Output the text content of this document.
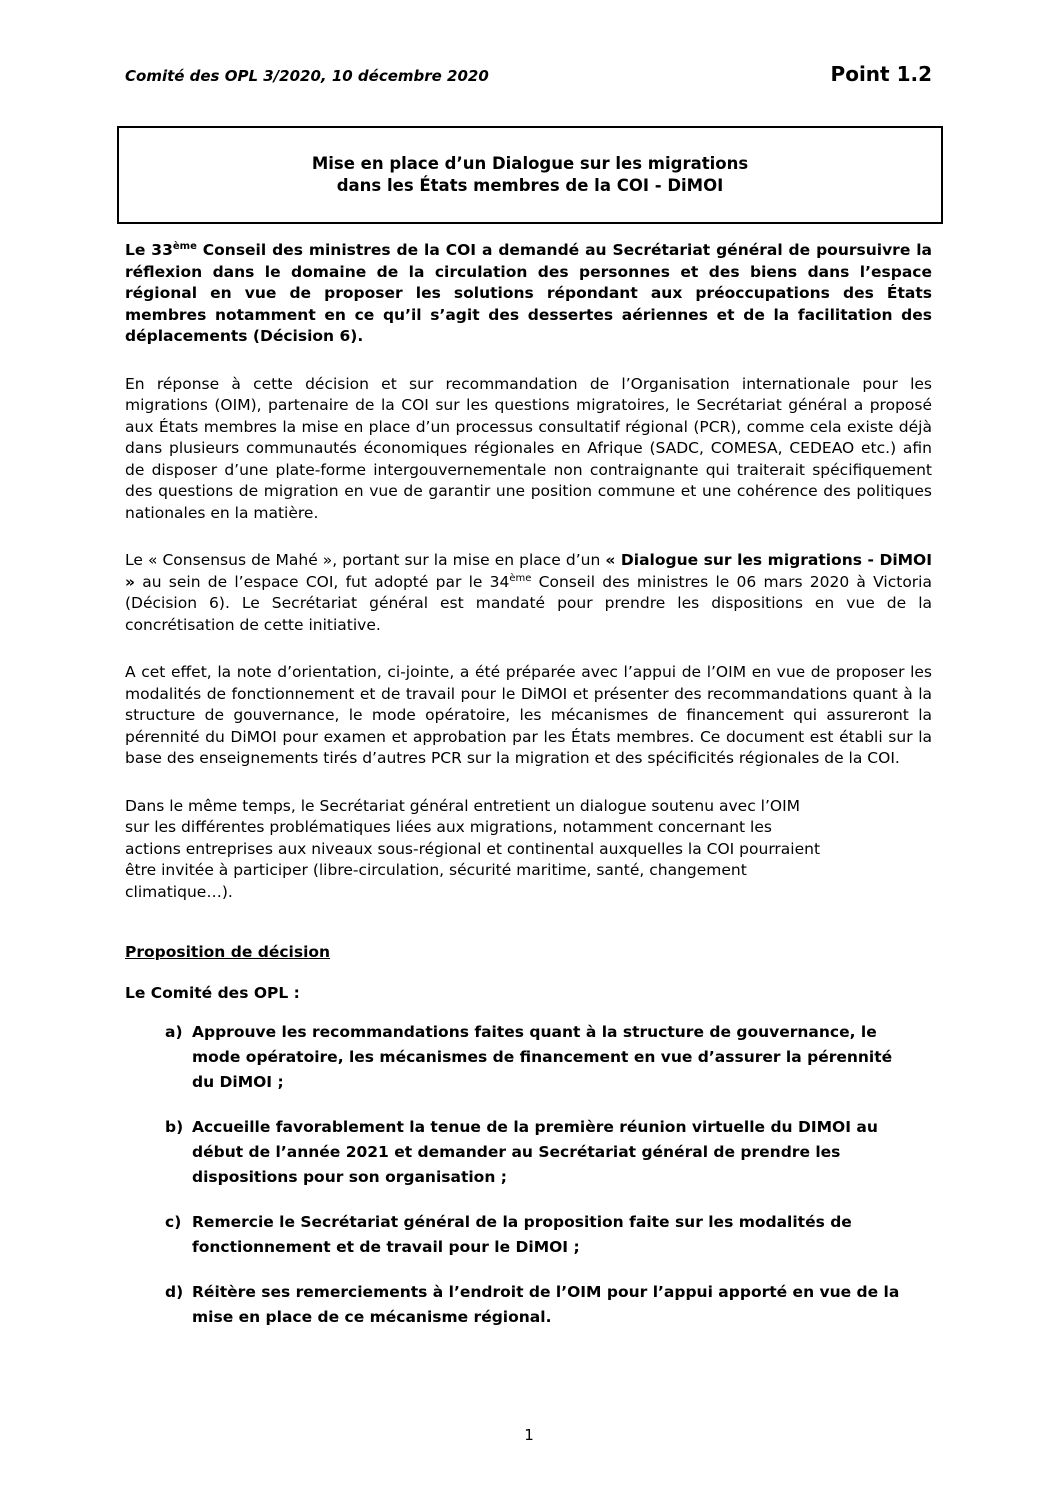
Comité des OPL 3/2020, 10 décembre 2020	Point 1.2
Mise en place d’un Dialogue sur les migrations
dans les États membres de la COI - DiMOI

Le 33ème Conseil des ministres de la COI a demandé au Secrétariat général de poursuivre la réflexion dans le domaine de la circulation des personnes et des biens dans l’espace régional en vue de proposer les solutions répondant aux préoccupations des États membres notamment en ce qu’il s’agit des dessertes aériennes et de la facilitation des déplacements (Décision 6).

En réponse à cette décision et sur recommandation de l’Organisation internationale pour les migrations (OIM), partenaire de la COI sur les questions migratoires, le Secrétariat général a proposé aux États membres la mise en place d’un processus consultatif régional (PCR), comme cela existe déjà dans plusieurs communautés économiques régionales en Afrique (SADC, COMESA, CEDEAO etc.) afin de disposer d’une plate-forme intergouvernementale non contraignante qui traiterait spécifiquement des questions de migration en vue de garantir une position commune et une cohérence des politiques nationales en la matière.

Le « Consensus de Mahé », portant sur la mise en place d’un « Dialogue sur les migrations - DiMOI » au sein de l’espace COI, fut adopté par le 34ème Conseil des ministres le 06 mars 2020 à Victoria (Décision 6). Le Secrétariat général est mandaté pour prendre les dispositions en vue de la concrétisation de cette initiative.

A cet effet, la note d’orientation, ci-jointe, a été préparée avec l’appui de l’OIM en vue de proposer les modalités de fonctionnement et de travail pour le DiMOI et présenter des recommandations quant à la structure de gouvernance, le mode opératoire, les mécanismes de financement qui assureront la pérennité du DiMOI pour examen et approbation par les États membres. Ce document est établi sur la base des enseignements tirés d’autres PCR sur la migration et des spécificités régionales de la COI.

Dans le même temps, le Secrétariat général entretient un dialogue soutenu avec l’OIM
sur les différentes problématiques liées aux migrations, notamment concernant les
actions entreprises aux niveaux sous-régional et continental auxquelles la COI pourraient
être invitée à participer (libre-circulation, sécurité maritime, santé, changement
climatique…).
Proposition de décision
Le Comité des OPL :
a) Approuve les recommandations faites quant à la structure de gouvernance, le mode opératoire, les mécanismes de financement en vue d’assurer la pérennité du DiMOI ;
b) Accueille favorablement la tenue de la première réunion virtuelle du DIMOI au début de l’année 2021 et demander au Secrétariat général de prendre les dispositions pour son organisation ;
c) Remercie le Secrétariat général de la proposition faite sur les modalités de fonctionnement et de travail pour le DiMOI ;
d) Réitère ses remerciements à l’endroit de l’OIM pour l’appui apporté en vue de la mise en place de ce mécanisme régional.
1
